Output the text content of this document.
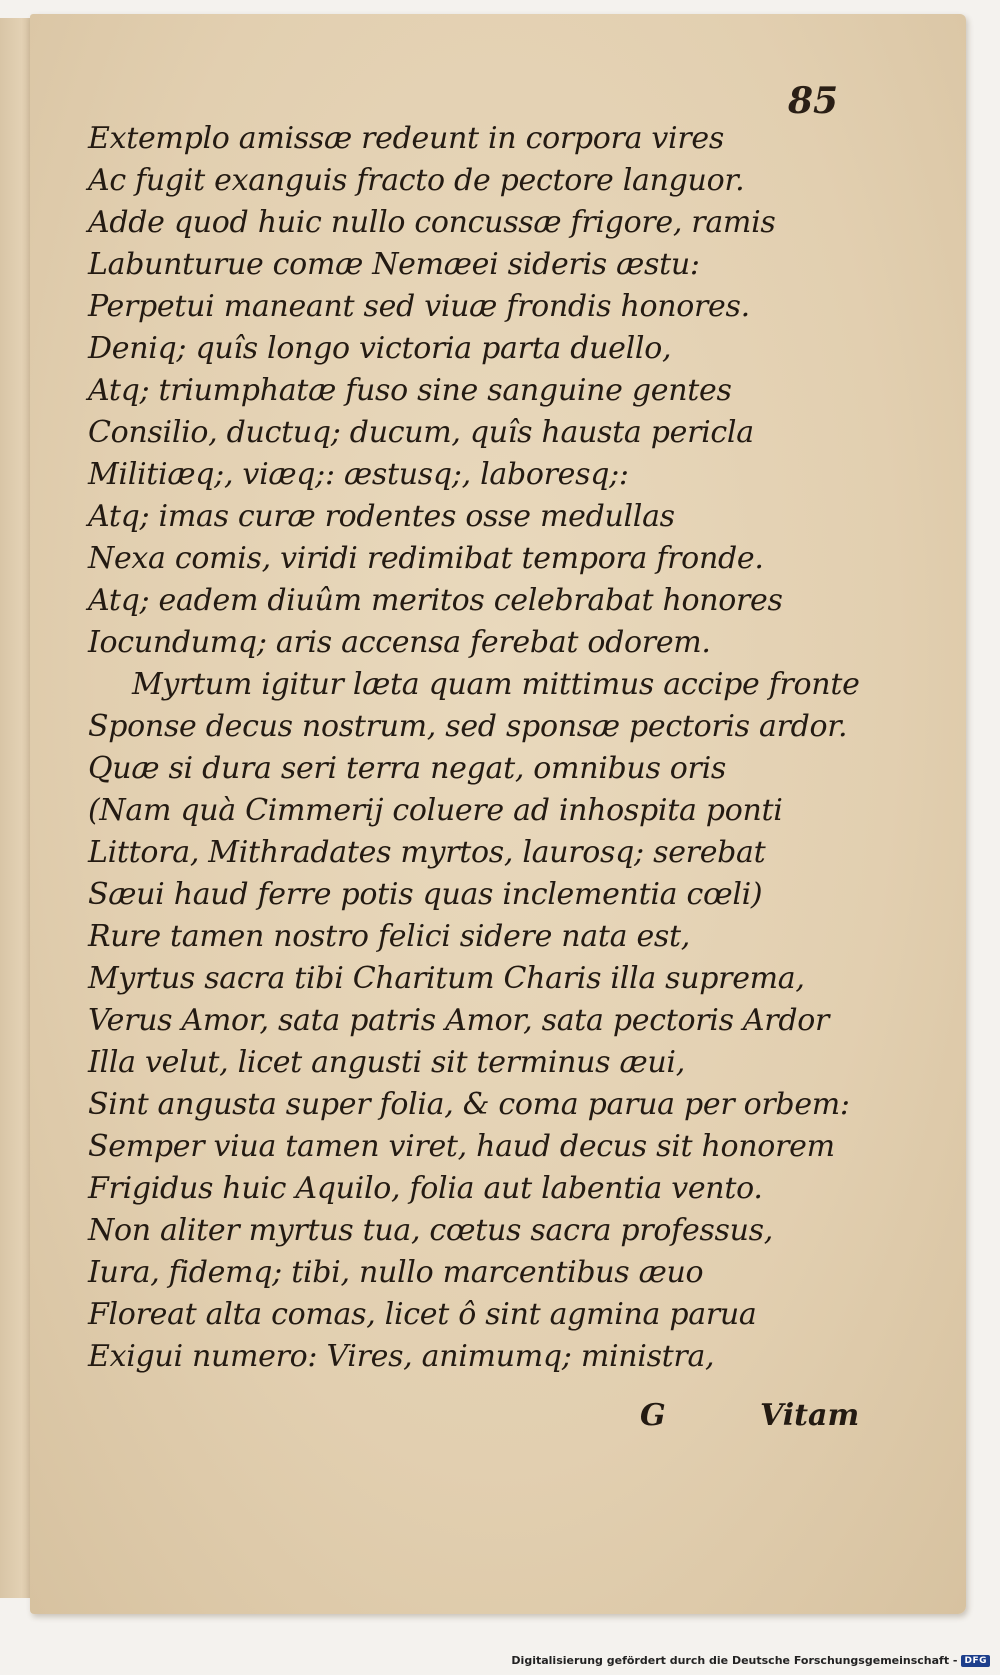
85
Extemplo amissæ redeunt in corpora vires
Ac fugit exanguis fracto de pectore languor.
Adde quod huic nullo concussæ frigore, ramis
Labunturue comæ Nemæei sideris æstu:
Perpetui maneant sed viuæ frondis honores.
Deniq; quîs longo victoria parta duello,
Atq; triumphatæ fuso sine sanguine gentes
Consilio, ductuq; ducum, quîs hausta pericla
Militiæq;, viæq;: æstusq;, laboresq;:
Atq; imas curæ rodentes osse medullas
Nexa comis, viridi redimibat tempora fronde.
Atq; eadem diuûm meritos celebrabat honores
Iocundumq; aris accensa ferebat odorem.
Myrtum igitur læta quam mittimus accipe fronte
Sponse decus nostrum, sed sponsæ pectoris ardor.
Quæ si dura seri terra negat, omnibus oris
(Nam quà Cimmerij coluere ad inhospita ponti
Littora, Mithradates myrtos, laurosq; serebat
Sæui haud ferre potis quas inclementia cœli)
Rure tamen nostro felici sidere nata est,
Myrtus sacra tibi Charitum Charis illa suprema,
Verus Amor, sata patris Amor, sata pectoris Ardor
Illa velut, licet angusti sit terminus æui,
Sint angusta super folia, & coma parua per orbem:
Semper viua tamen viret, haud decus sit honorem
Frigidus huic Aquilo, folia aut labentia vento.
Non aliter myrtus tua, cœtus sacra professus,
Iura, fidemq; tibi, nullo marcentibus æuo
Floreat alta comas, licet ô sint agmina parua
Exigui numero: Vires, animumq; ministra,
G	Vitam
Digitalisierung gefördert durch die Deutsche Forschungsgemeinschaft - DFG
